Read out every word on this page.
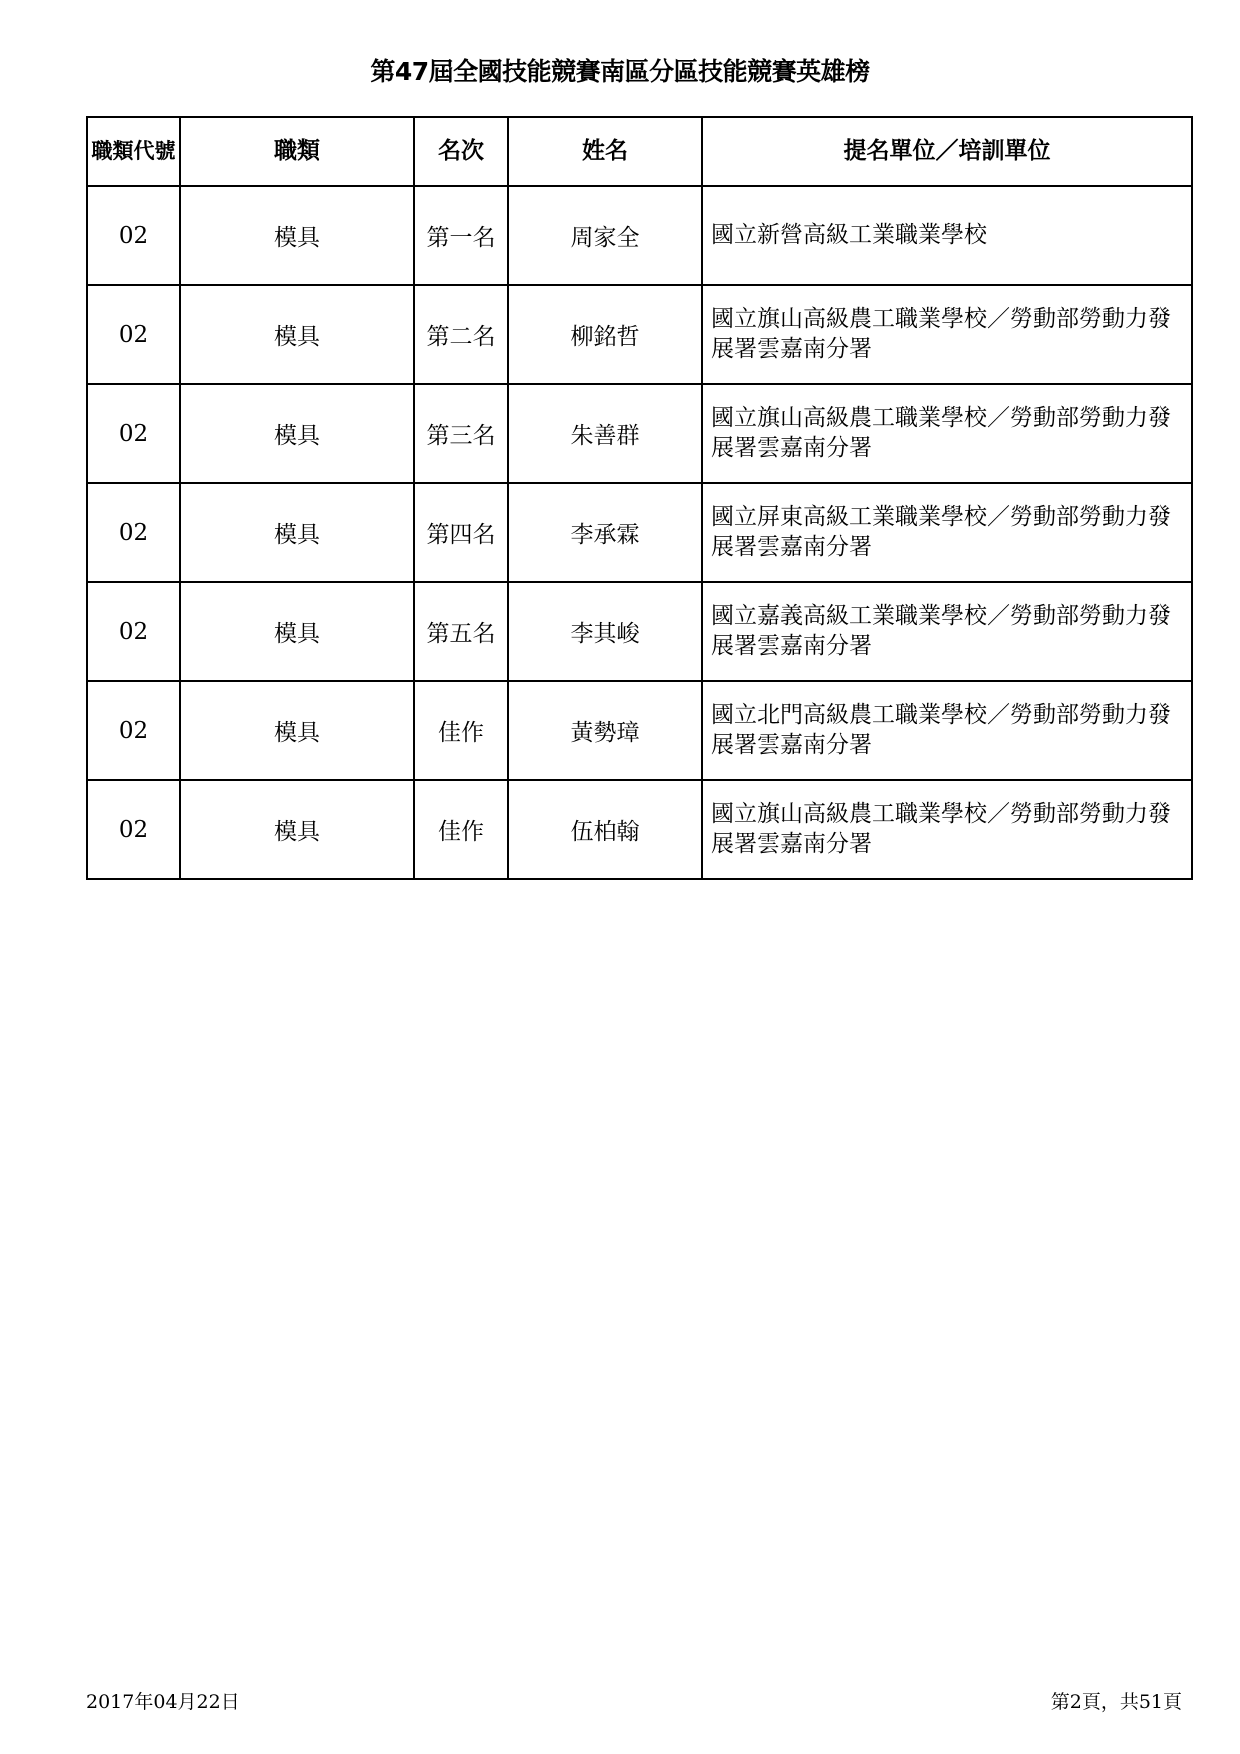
第47屆全國技能競賽南區分區技能競賽英雄榜
職類代號	職類	名次	姓名	提名單位／培訓單位
02	模具	第一名	周家全	國立新營高級工業職業學校
02	模具	第二名	柳銘哲	國立旗山高級農工職業學校／勞動部勞動力發展署雲嘉南分署
02	模具	第三名	朱善群	國立旗山高級農工職業學校／勞動部勞動力發展署雲嘉南分署
02	模具	第四名	李承霖	國立屏東高級工業職業學校／勞動部勞動力發展署雲嘉南分署
02	模具	第五名	李其峻	國立嘉義高級工業職業學校／勞動部勞動力發展署雲嘉南分署
02	模具	佳作	黃勢璋	國立北門高級農工職業學校／勞動部勞動力發展署雲嘉南分署
02	模具	佳作	伍柏翰	國立旗山高級農工職業學校／勞動部勞動力發展署雲嘉南分署
2017年04月22日	第2頁，共51頁
